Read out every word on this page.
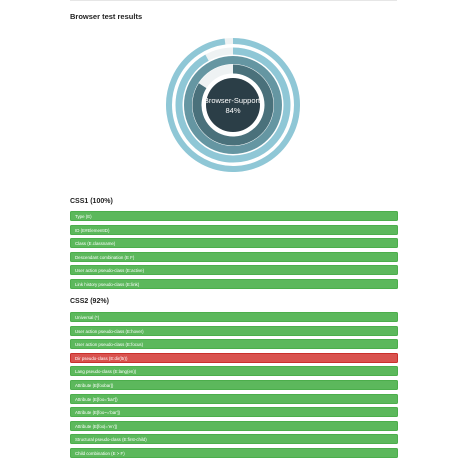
Browser test results
Browser-Support:
84%
CSS1 (100%)
Type (E)
ID (E#ElementID)
Class (E.classname)
Descendant combination (E F)
User action pseudo-class (E:active)
Link history pseudo-class (E:link)
CSS2 (92%)
Universal (*)
User action pseudo-class (E:hover)
User action pseudo-class (E:focus)
Dir pseudo-class (E:dir(ltr))
Lang pseudo-class (E:lang(en))
Attribute (E[foobar])
Attribute (E[foo='bar'])
Attribute (E[foo~='bar'])
Attribute (E[foo|='en'])
Structural pseudo-class (E:first-child)
Child combination (E > F)
